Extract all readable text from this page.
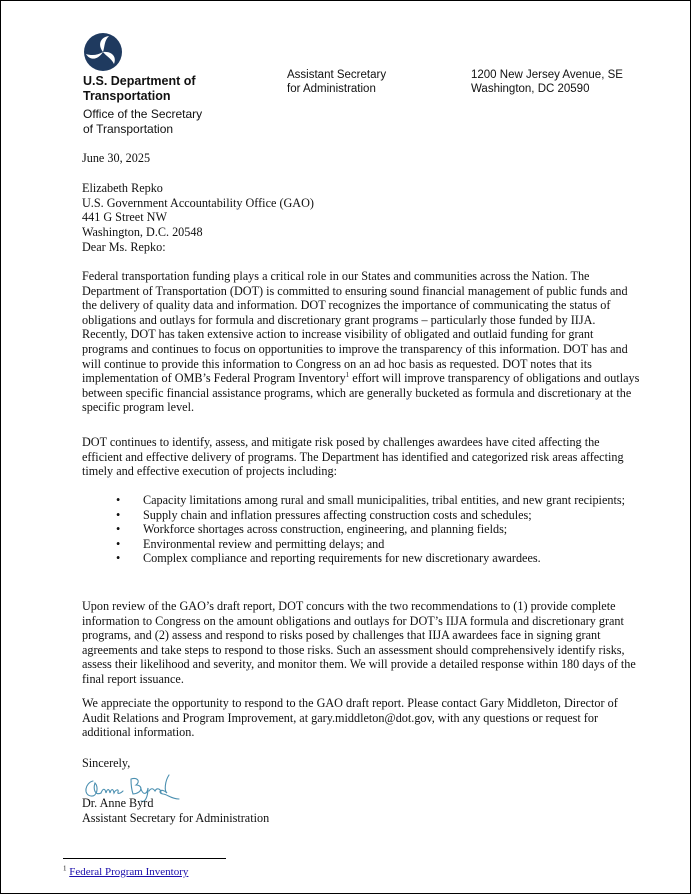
U.S. Department of
Transportation
Office of the Secretary
of Transportation
Assistant Secretary
for Administration
1200 New Jersey Avenue, SE
Washington, DC 20590
June 30, 2025
Elizabeth Repko
U.S. Government Accountability Office (GAO)
441 G Street NW
Washington, D.C. 20548
Dear Ms. Repko:

Federal transportation funding plays a critical role in our States and communities across the Nation. The Department of Transportation (DOT) is committed to ensuring sound financial management of public funds and the delivery of quality data and information. DOT recognizes the importance of communicating the status of obligations and outlays for formula and discretionary grant programs – particularly those funded by IIJA. Recently, DOT has taken extensive action to increase visibility of obligated and outlaid funding for grant programs and continues to focus on opportunities to improve the transparency of this information. DOT has and will continue to provide this information to Congress on an ad hoc basis as requested. DOT notes that its implementation of OMB’s Federal Program Inventory$^1$ effort will improve transparency of obligations and outlays between specific financial assistance programs, which are generally bucketed as formula and discretionary at the specific program level.

DOT continues to identify, assess, and mitigate risk posed by challenges awardees have cited affecting the efficient and effective delivery of programs. The Department has identified and categorized risk areas affecting timely and effective execution of projects including:

•	Capacity limitations among rural and small municipalities, tribal entities, and new grant recipients;
•	Supply chain and inflation pressures affecting construction costs and schedules;
•	Workforce shortages across construction, engineering, and planning fields;
•	Environmental review and permitting delays; and
•	Complex compliance and reporting requirements for new discretionary awardees.

Upon review of the GAO’s draft report, DOT concurs with the two recommendations to (1) provide complete information to Congress on the amount obligations and outlays for DOT’s IIJA formula and discretionary grant programs, and (2) assess and respond to risks posed by challenges that IIJA awardees face in signing grant agreements and take steps to respond to those risks. Such an assessment should comprehensively identify risks, assess their likelihood and severity, and monitor them. We will provide a detailed response within 180 days of the final report issuance.

We appreciate the opportunity to respond to the GAO draft report. Please contact Gary Middleton, Director of Audit Relations and Program Improvement, at gary.middleton@dot.gov, with any questions or request for additional information.

Sincerely,
Dr. Anne Byrd
Assistant Secretary for Administration
$^1$ Federal Program Inventory
